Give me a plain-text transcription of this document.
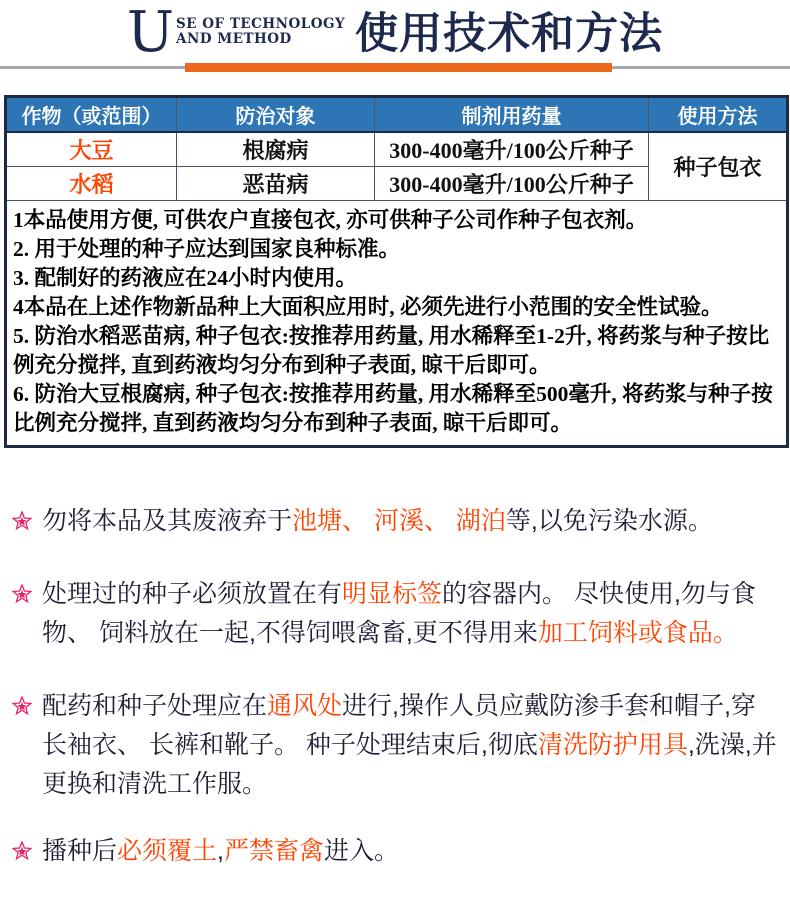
U SE OF TECHNOLOGY
AND METHOD	使用技术和方法
作物（或范围）	防治对象	制剂用药量	使用方法
大豆	根腐病	300-400毫升/100公斤种子	种子包衣
水稻	恶苗病	300-400毫升/100公斤种子	

1本品使用方便, 可供农户直接包衣, 亦可供种子公司作种子包衣剂。
2. 用于处理的种子应达到国家良种标准。
3. 配制好的药液应在24小时内使用。
4本品在上述作物新品种上大面积应用时, 必须先进行小范围的安全性试验。
5. 防治水稻恶苗病, 种子包衣:按推荐用药量, 用水稀释至1-2升, 将药浆与种子按比例充分搅拌, 直到药液均匀分布到种子表面, 晾干后即可。
6. 防治大豆根腐病, 种子包衣:按推荐用药量, 用水稀释至500毫升, 将药浆与种子按比例充分搅拌, 直到药液均匀分布到种子表面, 晾干后即可。
勿将本品及其废液弃于池塘、 河溪、 湖泊等,以免污染水源。
处理过的种子必须放置在有明显标签的容器内。 尽快使用,勿与食物、 饲料放在一起,不得饲喂禽畜,更不得用来加工饲料或食品。
配药和种子处理应在通风处进行,操作人员应戴防渗手套和帽子,穿长袖衣、 长裤和靴子。 种子处理结束后,彻底清洗防护用具,洗澡,并更换和清洗工作服。
播种后必须覆土,严禁畜禽进入。
